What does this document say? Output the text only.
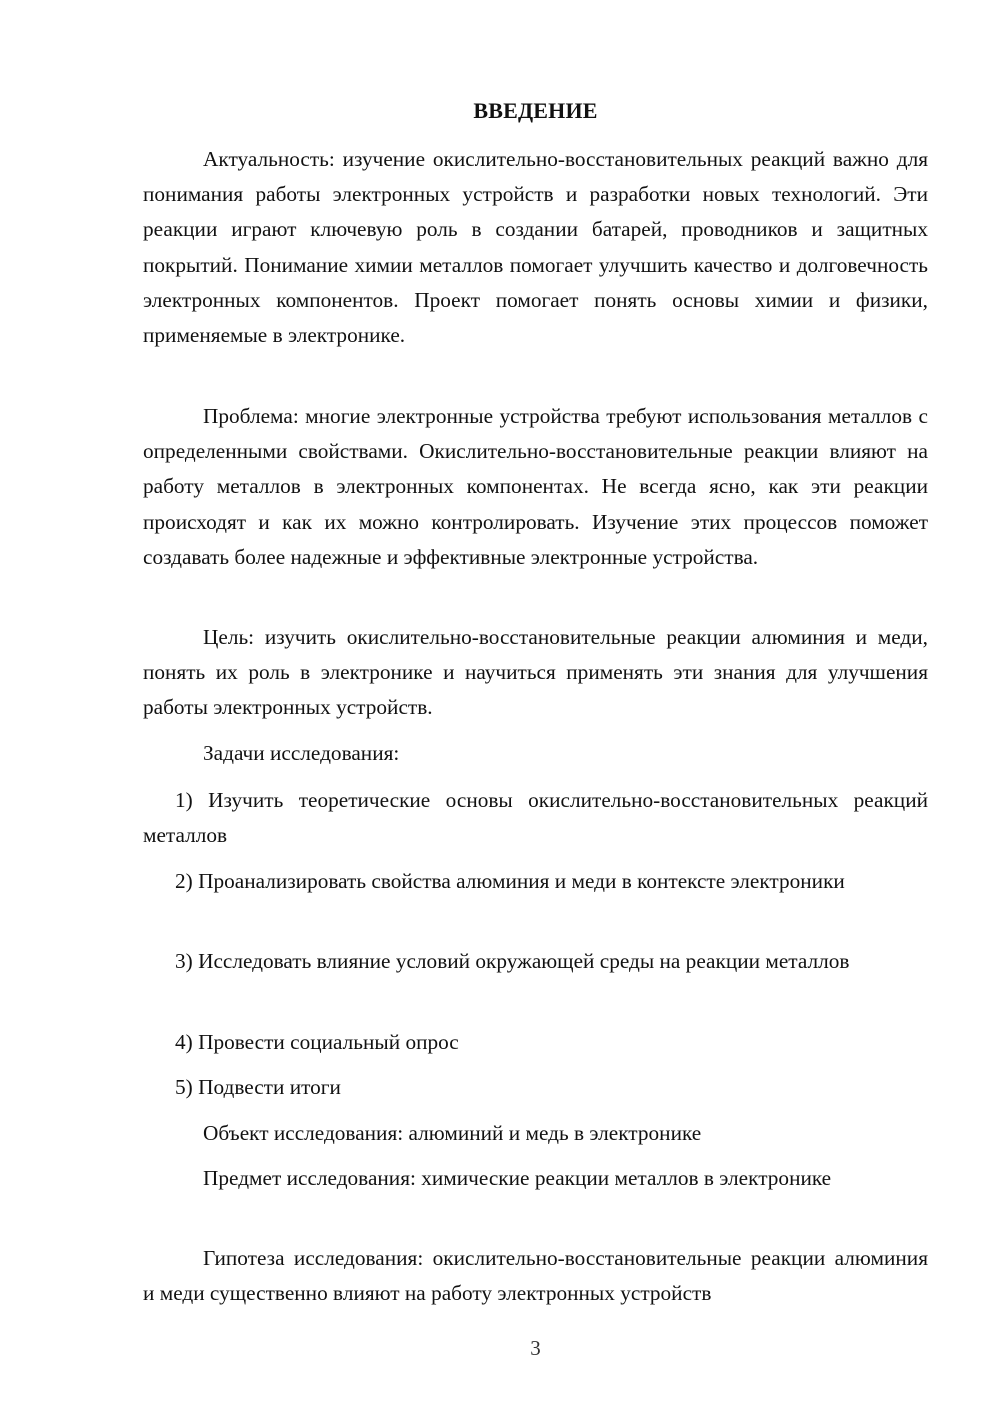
ВВЕДЕНИЕ

Актуальность: изучение окислительно-восстановительных реакций важно для понимания работы электронных устройств и разработки новых технологий. Эти реакции играют ключевую роль в создании батарей, проводников и защитных покрытий. Понимание химии металлов помогает улучшить качество и долговечность электронных компонентов. Проект помогает понять основы химии и физики, применяемые в электронике.

Проблема: многие электронные устройства требуют использования металлов с определенными свойствами. Окислительно-восстановительные реакции влияют на работу металлов в электронных компонентах. Не всегда ясно, как эти реакции происходят и как их можно контролировать. Изучение этих процессов поможет создавать более надежные и эффективные электронные устройства.

Цель: изучить окислительно-восстановительные реакции алюминия и меди, понять их роль в электронике и научиться применять эти знания для улучшения работы электронных устройств.

Задачи исследования:

1) Изучить теоретические основы окислительно-восстановительных реакций металлов

2) Проанализировать свойства алюминия и меди в контексте электроники

3) Исследовать влияние условий окружающей среды на реакции металлов

4) Провести социальный опрос

5) Подвести итоги

Объект исследования: алюминий и медь в электронике

Предмет исследования: химические реакции металлов в электронике

Гипотеза исследования: окислительно-восстановительные реакции алюминия и меди существенно влияют на работу электронных устройств

3
